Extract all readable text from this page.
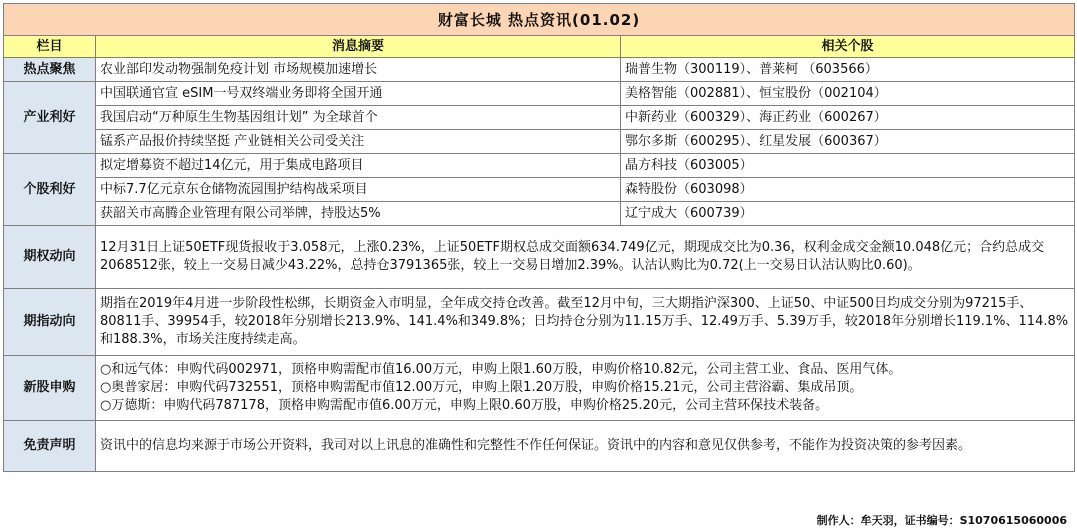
财富长城 热点资讯(01.02)		
栏目	消息摘要	相关个股
热点聚焦	农业部印发动物强制免疫计划 市场规模加速增长	瑞普生物（300119）、普莱柯 （603566）
产业利好	中国联通官宣 eSIM一号双终端业务即将全国开通	美格智能（002881）、恒宝股份（002104）
	我国启动“万种原生生物基因组计划” 为全球首个	中新药业（600329）、海正药业（600267）
	锰系产品报价持续坚挺 产业链相关公司受关注	鄂尔多斯（600295）、红星发展（600367）
个股利好	拟定增募资不超过14亿元，用于集成电路项目	晶方科技（603005）
	中标7.7亿元京东仓储物流园围护结构战采项目	森特股份（603098）
	获韶关市高腾企业管理有限公司举牌，持股达5%	辽宁成大（600739）
期权动向	12月31日上证50ETF现货报收于3.058元，上涨0.23%，上证50ETF期权总成交面额634.749亿元，期现成交比为0.36，权利金成交金额10.048亿元；合约总成交2068512张，较上一交易日减少43.22%，总持仓3791365张，较上一交易日增加2.39%。认沽认购比为0.72(上一交易日认沽认购比0.60)。	
期指动向	期指在2019年4月进一步阶段性松绑，长期资金入市明显，全年成交持仓改善。截至12月中旬，三大期指沪深300、上证50、中证500日均成交分别为97215手、80811手、39954手，较2018年分别增长213.9%、141.4%和349.8%；日均持仓分别为11.15万手、12.49万手、5.39万手，较2018年分别增长119.1%、114.8%和188.3%，市场关注度持续走高。	
新股申购	○和远气体：申购代码002971，顶格申购需配市值16.00万元，申购上限1.60万股，申购价格10.82元，公司主营工业、食品、医用气体。
○奥普家居：申购代码732551，顶格申购需配市值12.00万元，申购上限1.20万股，申购价格15.21元，公司主营浴霸、集成吊顶。
○万德斯：申购代码787178，顶格申购需配市值6.00万元，申购上限0.60万股，申购价格25.20元，公司主营环保技术装备。	

免责声明	资讯中的信息均来源于市场公开资料，我司对以上讯息的准确性和完整性不作任何保证。资讯中的内容和意见仅供参考，不能作为投资决策的参考因素。	
制作人：牟天羽，证书编号：S1070615060006
